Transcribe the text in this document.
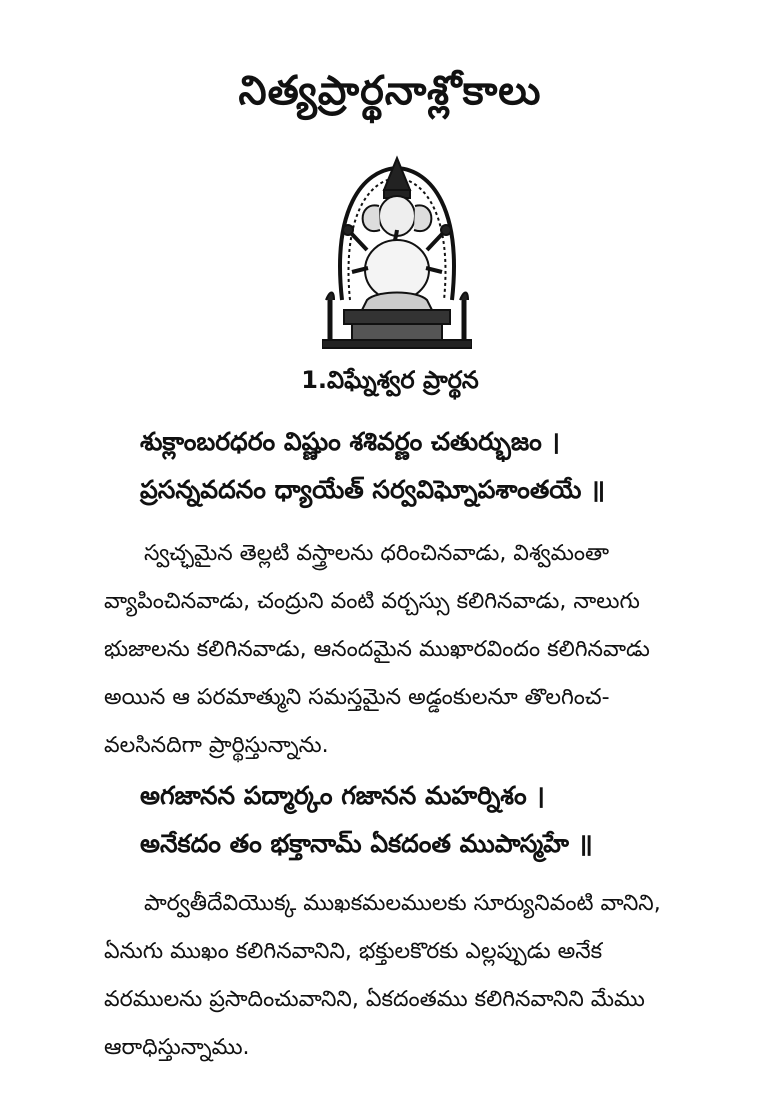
నిత్యప్రార్థనాశ్లోకాలు
1.విఘ్నేశ్వర ప్రార్థన
శుక్లాంబరధరం విష్ణుం శశివర్ణం చతుర్భుజం ।
ప్రసన్నవదనం ధ్యాయేత్ సర్వవిఘ్నోపశాంతయే ॥
స్వచ్ఛమైన తెల్లటి వస్త్రాలను ధరించినవాడు, విశ్వమంతా
వ్యాపించినవాడు, చంద్రుని వంటి వర్చస్సు కలిగినవాడు, నాలుగు
భుజాలను కలిగినవాడు, ఆనందమైన ముఖారవిందం కలిగినవాడు
అయిన ఆ పరమాత్ముని సమస్తమైన అడ్డంకులనూ తొలగించ-
వలసినదిగా ప్రార్థిస్తున్నాను.
అగజానన పద్మార్కం గజానన మహర్నిశం ।
అనేకదం తం భక్తానామ్ ఏకదంత ముపాస్మహే ॥
పార్వతీదేవియొక్క ముఖకమలములకు సూర్యునివంటి వానిని,
ఏనుగు ముఖం కలిగినవానిని, భక్తులకొరకు ఎల్లప్పుడు అనేక
వరములను ప్రసాదించువానిని, ఏకదంతము కలిగినవానిని మేము
ఆరాధిస్తున్నాము.
